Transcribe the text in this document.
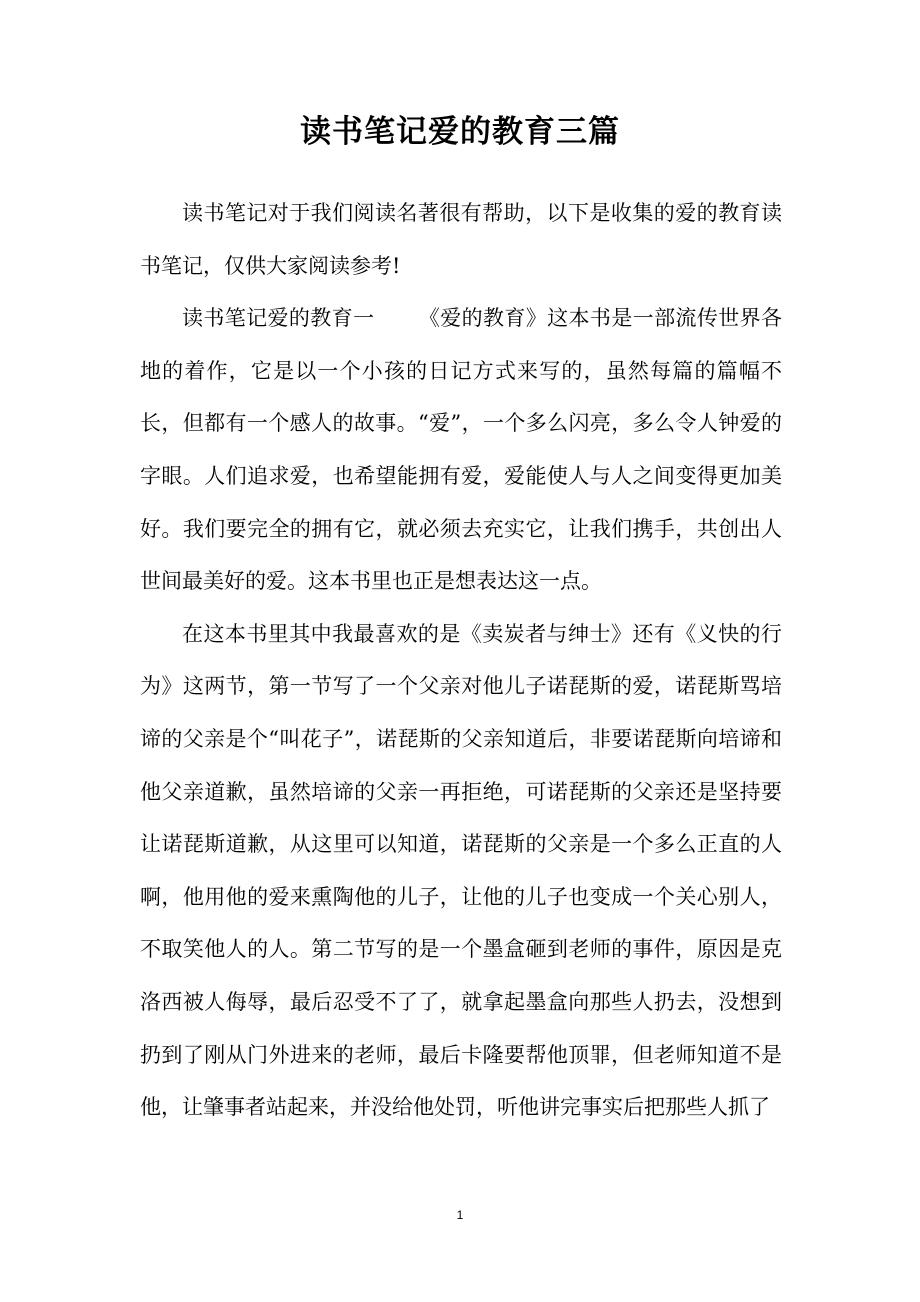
读书笔记爱的教育三篇

读书笔记对于我们阅读名著很有帮助，以下是收集的爱的教育读书笔记，仅供大家阅读参考!

读书笔记爱的教育一 《爱的教育》这本书是一部流传世界各地的着作，它是以一个小孩的日记方式来写的，虽然每篇的篇幅不长，但都有一个感人的故事。“爱”，一个多么闪亮，多么令人钟爱的字眼。人们追求爱，也希望能拥有爱，爱能使人与人之间变得更加美好。我们要完全的拥有它，就必须去充实它，让我们携手，共创出人世间最美好的爱。这本书里也正是想表达这一点。

在这本书里其中我最喜欢的是《卖炭者与绅士》还有《义快的行为》这两节，第一节写了一个父亲对他儿子诺琵斯的爱，诺琵斯骂培谛的父亲是个“叫花子”，诺琵斯的父亲知道后，非要诺琵斯向培谛和他父亲道歉，虽然培谛的父亲一再拒绝，可诺琵斯的父亲还是坚持要让诺琵斯道歉，从这里可以知道，诺琵斯的父亲是一个多么正直的人啊，他用他的爱来熏陶他的儿子，让他的儿子也变成一个关心别人，不取笑他人的人。第二节写的是一个墨盒砸到老师的事件，原因是克洛西被人侮辱，最后忍受不了了，就拿起墨盒向那些人扔去，没想到扔到了刚从门外进来的老师，最后卡隆要帮他顶罪，但老师知道不是他，让肇事者站起来，并没给他处罚，听他讲完事实后把那些人抓了

1
